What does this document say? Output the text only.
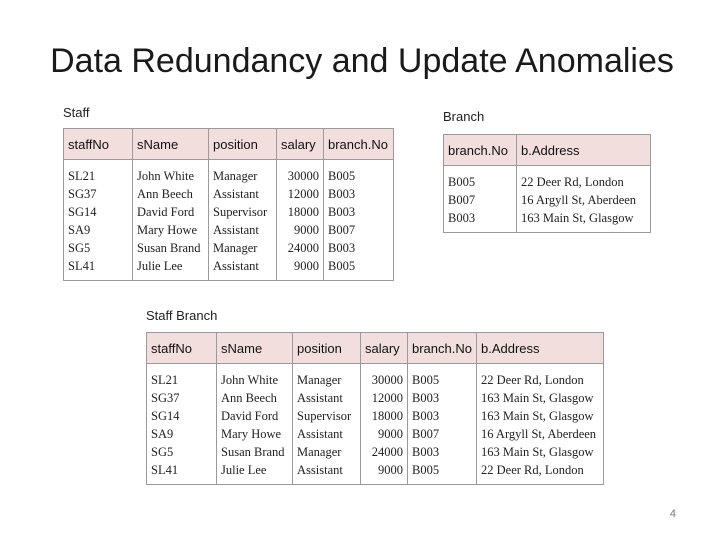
Data Redundancy and Update Anomalies
Staff
staffNo	sName	position	salary	branch.No
SL21	John White	Manager	30000	B005
SG37	Ann Beech	Assistant	12000	B003
SG14	David Ford	Supervisor	18000	B003
SA9	Mary Howe	Assistant	9000	B007
SG5	Susan Brand	Manager	24000	B003
SL41	Julie Lee	Assistant	9000	B005
Branch
branch.No	b.Address
B005	22 Deer Rd, London
B007	16 Argyll St, Aberdeen
B003	163 Main St, Glasgow
Staff Branch
staffNo	sName	position	salary	branch.No	b.Address
SL21	John White	Manager	30000	B005	22 Deer Rd, London
SG37	Ann Beech	Assistant	12000	B003	163 Main St, Glasgow
SG14	David Ford	Supervisor	18000	B003	163 Main St, Glasgow
SA9	Mary Howe	Assistant	9000	B007	16 Argyll St, Aberdeen
SG5	Susan Brand	Manager	24000	B003	163 Main St, Glasgow
SL41	Julie Lee	Assistant	9000	B005	22 Deer Rd, London
4
